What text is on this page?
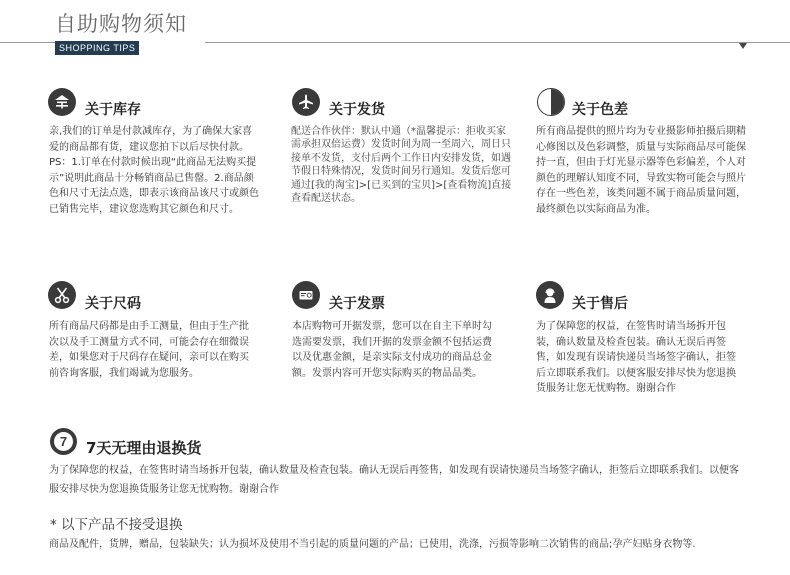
自助购物须知
SHOPPING TIPS
关于库存
亲,我们的订单是付款减库存，为了确保大家喜爱的商品都有货，建议您拍下以后尽快付款。PS：1.订单在付款时候出现“此商品无法购买提示”说明此商品十分畅销商品已售罄。2.商品颜色和尺寸无法点选，即表示该商品该尺寸或颜色已销售完毕，建议您选购其它颜色和尺寸。
关于发货
配送合作伙伴：默认中通（*温馨提示：拒收买家需承担双倍运费）发货时间为周一至周六，周日只接单不发货，支付后两个工作日内安排发货，如遇节假日特殊情况，发货时间另行通知。发货后您可通过[我的淘宝]>[已买到的宝贝]>[查看物流]直接查看配送状态。
关于色差
所有商品提供的照片均为专业摄影师拍摄后期精心修图以及色彩调整，质量与实际商品尽可能保持一直，但由于灯光显示器等色彩偏差，个人对颜色的理解认知度不同，导致实物可能会与照片存在一些色差，该类问题不属于商品质量问题，最终颜色以实际商品为准。
关于尺码
所有商品尺码都是由手工测量，但由于生产批次以及手工测量方式不同，可能会存在细微误差，如果您对于尺码存在疑问，亲可以在购买前咨询客服，我们竭诚为您服务。
关于发票
本店购物可开据发票，您可以在自主下单时勾选需要发票，我们开据的发票金额不包括运费以及优惠金额，是亲实际支付成功的商品总金额。发票内容可开您实际购买的物品品类。
关于售后
为了保障您的权益，在签售时请当场拆开包装，确认数量及检查包装。确认无误后再签售，如发现有误请快递员当场签字确认，拒签后立即联系我们。以便客服安排尽快为您退换货服务让您无忧购物。谢谢合作
7	7天无理由退换货
为了保障您的权益，在签售时请当场拆开包装，确认数量及检查包装。确认无误后再签售，如发现有误请快递员当场签字确认，拒签后立即联系我们。以便客服安排尽快为您退换货服务让您无忧购物。谢谢合作
* 以下产品不接受退换
商品及配件，货牌，赠品，包装缺失；认为损坏及使用不当引起的质量问题的产品；已使用，洗涤，污损等影响二次销售的商品;孕产妇贴身衣物等.
